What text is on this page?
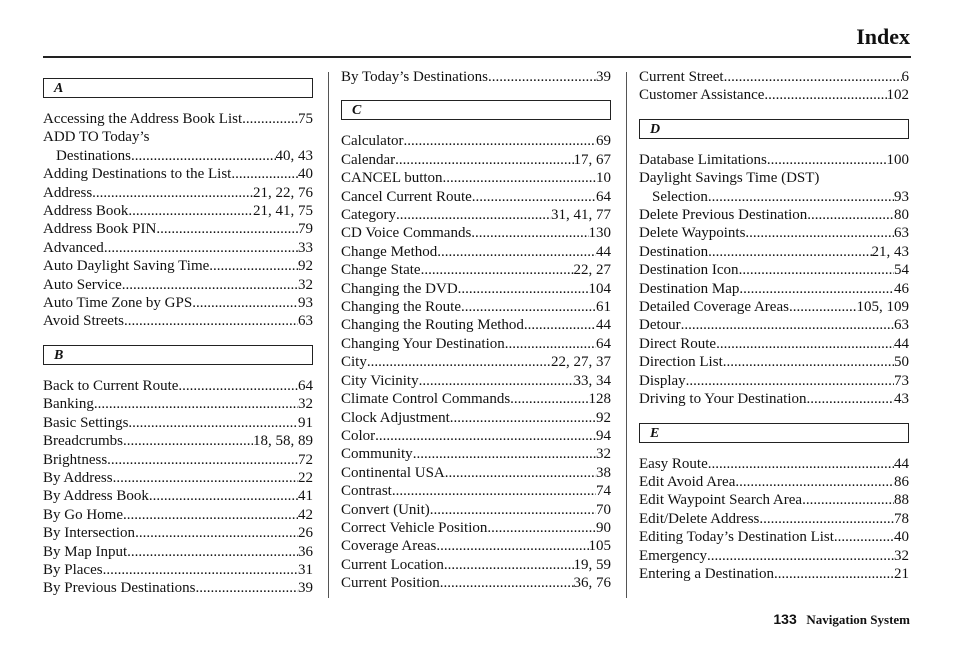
Index
A
Accessing the Address Book List .....	75
ADD TO Today’s
Destinations .....	40, 43
Adding Destinations to the List .....	40
Address .....	21, 22, 76
Address Book .....	21, 41, 75
Address Book PIN .....	79
Advanced .....	33
Auto Daylight Saving Time .....	92
Auto Service .....	32
Auto Time Zone by GPS .....	93
Avoid Streets .....	63
B
Back to Current Route .....	64
Banking .....	32
Basic Settings .....	91
Breadcrumbs .....	18, 58, 89
Brightness .....	72
By Address .....	22
By Address Book .....	41
By Go Home .....	42
By Intersection .....	26
By Map Input .....	36
By Places .....	31
By Previous Destinations .....	39
By Today’s Destinations .....	39
C
Calculator .....	69
Calendar .....	17, 67
CANCEL button .....	10
Cancel Current Route .....	64
Category .....	31, 41, 77
CD Voice Commands .....	130
Change Method .....	44
Change State .....	22, 27
Changing the DVD .....	104
Changing the Route .....	61
Changing the Routing Method .....	44
Changing Your Destination .....	64
City .....	22, 27, 37
City Vicinity .....	33, 34
Climate Control Commands .....	128
Clock Adjustment .....	92
Color .....	94
Community .....	32
Continental USA .....	38
Contrast .....	74
Convert (Unit) .....	70
Correct Vehicle Position .....	90
Coverage Areas .....	105
Current Location .....	19, 59
Current Position .....	36, 76
Current Street .....	6
Customer Assistance .....	102
D
Database Limitations .....	100
Daylight Savings Time (DST)
Selection .....	93
Delete Previous Destination .....	80
Delete Waypoints .....	63
Destination .....	21, 43
Destination Icon .....	54
Destination Map .....	46
Detailed Coverage Areas .....	105, 109
Detour .....	63
Direct Route .....	44
Direction List .....	50
Display .....	73
Driving to Your Destination .....	43
E
Easy Route .....	44
Edit Avoid Area .....	86
Edit Waypoint Search Area .....	88
Edit/Delete Address .....	78
Editing Today’s Destination List .....	40
Emergency .....	32
Entering a Destination .....	21
133 Navigation System
